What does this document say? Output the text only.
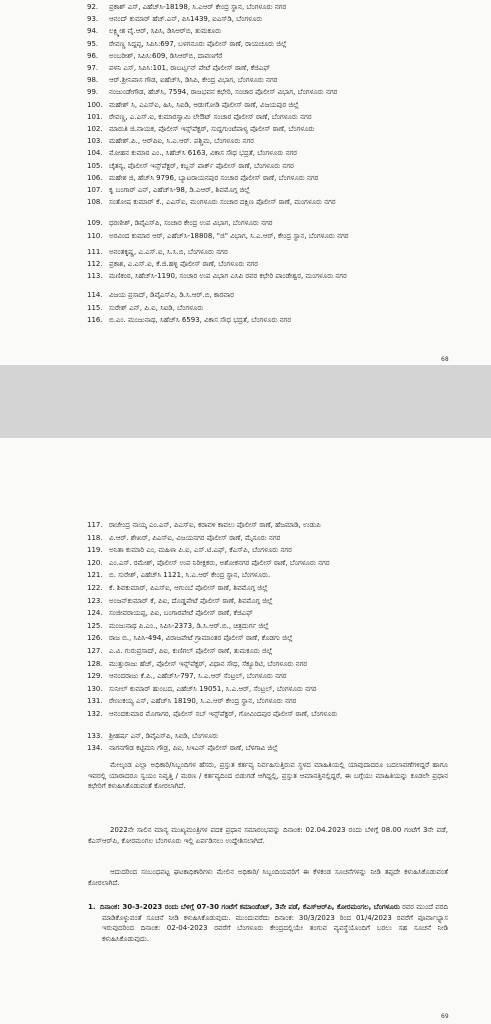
92.	ಪ್ರಕಾಶ್ ಎಸ್, ಎಹೆಚ್‌ಸಿ-18198, ಸಿ.ಎಆರ್ ಕೇಂದ್ರ ಸ್ಥಾನ, ಬೆಂಗಳೂರು ನಗರ
93.	ಆನಂದ್ ಕುಮಾರ್ ಹೆಚ್.ಎನ್, ಪಿಸಿ1439, ಐಎಸ್‌ಡಿ, ಬೆಂಗಳೂರು
94.	ಲಕ್ಷ್ಮೀಶ ವೈ.ಆರ್, ಸಿಪಿಸಿ, ಡಿಸಿಆರ್‌ಬಿ, ತುಮಕೂರು
95.	ರೇವಣ್ಣ ಸಿದ್ದಪ್ಪ, ಸಿಪಿಸಿ:697, ಬಳಗನೂರು ಪೊಲೀಸ್ ಠಾಣೆ, ರಾಯಚೂರು ಜಿಲ್ಲೆ
96.	ಅಂಬರೀಶ್, ಸಿಪಿಸಿ:609, ಡಿಸಿಆರ್‌ಬಿ, ದಾವಣಗೆರೆ
97.	ಪಳನಿ ಎಸ್, ಸಿಪಿಸಿ:101, ರಾಬರ್ಟ್ಸನ್ ಪೇಟೆ ಪೊಲೀಸ್ ಠಾಣೆ, ಕೆಜಿಎಫ್
98.	ಆರ್.ಶ್ರೀನಿವಾಸ ಗೌಡ, ಐಹೆಚ್‌ಸಿ, ಡಿಸಿಪಿ, ಕೇಂದ್ರ ವಿಭಾಗ, ಬೆಂಗಳೂರು ನಗರ
99.	ನಂಜುಂಡೇಗೌಡ, ಹೆಚ್‌ಸಿ, 7594, ರಾಜಭವನ ಕಛೇರಿ, ಸಂಚಾರ ಪೊಲೀಸ್ ವಿಭಾಗ, ಬೆಂಗಳೂರು ನಗರ
100. ಮಹೇಶ್ ಸಿ, ಎಎಸ್‌ಐ, ಹಿಸಿ, ಸಿಐಡಿ, ಆಡುಗೋಡಿ ಪೊಲೀಸ್ ಠಾಣೆ, ವಿಜಯಪುರ ಜಿಲ್ಲೆ
101. ರೇವಣ್ಣ, ಎ.ಎಸ್.ಐ, ಕುಮಾರಸ್ವಾಮಿ ಲೇಔಟ್ ಸಂಚಾರ ಪೊಲೀಸ್ ಠಾಣೆ, ಬೆಂಗಳೂರು ನಗರ
102. ಮಾರುತಿ ಜಿ.ನಾಯಕ, ಪೊಲೀಸ್ ಇನ್ಸ್‌ಪೆಕ್ಟರ್, ಸುದ್ದಗುಂಟೆಪಾಳ್ಯ ಪೊಲೀಸ್ ಠಾಣೆ, ಬೆಂಗಳೂರು
103. ಮಹೇಶ್.ಪಿ., ಆರ್‌ಪಿಐ, ಸಿ.ಎ.ಆರ್. ಪಶ್ಚಿಮ, ಬೆಂಗಳೂರು ನಗರ
104. ಮೋಹನ ಕುಮಾರ ಎಂ., ಸಿಹೆಚ್‌ಸಿ 6163, ವಿಕಾಸ ಸೌಧ ಭದ್ರತೆ, ಬೆಂಗಳೂರು ನಗರ
105. ಚೈತನ್ಯ, ಪೊಲೀಸ್ ಇನ್ಸ್‌ಪೆಕ್ಟರ್, ಕಬ್ಬನ್ ಪಾರ್ಕ್ ಪೊಲೀಸ್ ಠಾಣೆ, ಬೆಂಗಳೂರು ನಗರ
106. ಮಹೇಶ ಜಿ, ಹೆಚ್‌ಸಿ 9796, ಬ್ಯಾಟರಾಯನಪುರ ಸಂಚಾರ ಪೊಲೀಸ್ ಠಾಣೆ, ಬೆಂಗಳೂರು ನಗರ
107. ಕೃ ಬಂಗಾರ್ ಎನ್, ಎಹೆಚ್‌ಸಿ-98, ಡಿ.ಎಆರ್, ಶಿವಮೊಗ್ಗ ಜಿಲ್ಲೆ
108. ಸಂತೋಷ ಕುಮಾರ್ ಕೆ., ಎಎಸ್‌ಐ, ಮಂಗಳೂರು ಸಂಚಾರ ದಕ್ಷಿಣ ಪೊಲೀಸ್ ಠಾಣೆ, ಮಂಗಳೂರು ನಗರ
109. ಧರಣೀಶ್, ಡಿವೈಎಸ್‌ಪಿ, ಸಂಚಾರ ಕೇಂದ್ರ ಉಪ ವಿಭಾಗ, ಬೆಂಗಳೂರು ನಗರ
110. ಅರವಿಂದ ಕುಮಾರ ಆರ್, ಎಹೆಚ್‌ಸಿ-18808, "ಜಿ" ವಿಭಾಗ, ಸಿ.ಎ.ಆರ್, ಕೇಂದ್ರ ಸ್ಥಾನ, ಬೆಂಗಳೂರು ನಗರ
111. ಅನಂತಕೃಷ್ಣ, ಎ.ಎಸ್.ಐ, ಸಿ.ಸಿ.ಬಿ, ಬೆಂಗಳೂರು ನಗರ
112. ಪ್ರಕಾಶ, ಎ.ಎಸ್.ಐ, ಕೆ.ಜಿ.ಹಳ್ಳಿ ಪೊಲೀಸ್ ಠಾಣೆ, ಬೆಂಗಳೂರು ನಗರ
113. ಮಣಿಕಂಠ, ಸಿಹೆಚ್‌ಸಿ-1190, ಸಂಚಾರ ಉಪ ವಿಭಾಗ ಎಸಿಪಿ ರವರ ಕಛೇರಿ ಪಾಂಡೇಶ್ವರ, ಮಂಗಳೂರು ನಗರ
114. ವಿಜಯ ಪ್ರಸಾದ್, ಡಿವೈಎಸ್‌ಪಿ, ಡಿ.ಸಿ.ಆರ್.ಬಿ, ಕಾರವಾರ
115. ಸುರೇಶ್ ಎನ್, ಪಿ.ಐ, ಸಿಐಡಿ, ಬೆಂಗಳೂರು
116. ಬಿ.ಎಂ. ಮಂಜುನಾಥ, ಸಿಹೆಚ್‌ಸಿ 6593, ವಿಕಾಸ ಸೌಧ ಭದ್ರತೆ, ಬೆಂಗಳೂರು ನಗರ
68
117. ರಾಜೇಂದ್ರ ನಾಯ್ಕ ಎಂ.ಎನ್, ಪಿಎಸ್‌ಐ, ಕರಾವಳಿ ಕಾವಲು ಪೊಲೀಸ್ ಠಾಣೆ, ಹೆಜಮಾಡಿ, ಉಡುಪಿ
118. ವಿ.ಆರ್. ಶೇಖರ್, ಪಿಎಸ್‌ಐ, ವಿಜಯನಗರ ಪೊಲೀಸ್ ಠಾಣೆ, ಮೈಸೂರು ನಗರ
119. ಅನಿತಾ ಕುಮಾರಿ ಎಂ, ಮಹಿಳಾ ಪಿ.ಐ, ಎಸ್.ಟಿ.ಎಫ್, ಕೆಎಸ್‌ಪಿ, ಬೆಂಗಳೂರು ನಗರ
120. ಎಂ.ಎಸ್. ರಮೇಶ್, ಪೊಲೀಸ್ ಉಪ ನಿರೀಕ್ಷಕರು, ಅಶೋಕನಗರ ಪೊಲೀಸ್ ಠಾಣೆ, ಬೆಂಗಳೂರು ನಗರ
121. ಬಿ. ಸುರೇಶ್, ಎಹೆಚ್‌ಸಿ 1121, ಸಿ.ಎ.ಆರ್ ಕೇಂದ್ರ ಸ್ಥಾನ, ಬೆಂಗಳೂರು.
122. ಕೆ. ಶಿವಕುಮಾರ್, ಪಿಎಸ್‌ಐ, ಆಗುಂಬೆ ಪೊಲೀಸ್ ಠಾಣೆ, ಶಿವಮೊಗ್ಗ ಜಿಲ್ಲೆ
123. ಅಂಜನ್‌ಕುಮಾರ್ ಕೆ, ಪಿಐ, ದೊಡ್ಡಪೇಟೆ ಪೊಲೀಸ್ ಠಾಣೆ, ಶಿವಮೊಗ್ಗ ಜಿಲ್ಲೆ
124. ಸಂಜೀವರಾಯಪ್ಪ, ಪಿಐ, ಬಂಗಾರಪೇಟೆ ಪೊಲೀಸ್ ಠಾಣೆ, ಕೆಜಿಎಫ್
125. ಮಂಜುನಾಥ ಪಿ.ಎಂ., ಸಿಪಿಸಿ-2373, ಡಿ.ಸಿ.ಆರ್.ಬಿ., ಚಿತ್ರದುರ್ಗ ಜಿಲ್ಲೆ
126. ರಾಜ ಬಿ., ಸಿಪಿಸಿ-494, ವಿರಾಜಪೇಟೆ ಗ್ರಾಮಾಂತರ ಪೊಲೀಸ್ ಠಾಣೆ, ಕೊಡಗು ಜಿಲ್ಲೆ
127. ಎ.ವಿ. ಗುರುಪ್ರಸಾದ್, ಪಿಐ, ಕುಣಿಗಲ್ ಪೊಲೀಸ್ ಠಾಣೆ, ತುಮಕೂರು ಜಿಲ್ಲೆ
128. ಮುತ್ತುರಾಜು ಹೆಚ್, ಪೊಲೀಸ್ ಇನ್ಸ್‌ಪೆಕ್ಟರ್, ವಿಧಾನ ಸೌಧ, ಸೆಕ್ಯೂರಿಟಿ, ಬೆಂಗಳೂರು ನಗರ
129. ಆನಂದರಾಜು ಕೆ.ಪಿ., ಎಹೆಚ್‌ಸಿ-797, ಸಿ.ಎ.ಆರ್ ಸೆಂಟ್ರಲ್, ಬೆಂಗಳೂರು ನಗರ
130. ಸುನೀಲ್ ಕುಮಾರ್ ಹುಂಬದ, ಎಹೆಚ್‌ಸಿ 19051, ಸಿ.ಎ.ಆರ್, ಸೆಂಟ್ರಲ್, ಬೆಂಗಳೂರು ನಗರ
131. ರೇಣುಕಯ್ಯ ಎಸ್, ಎಹೆಚ್‌ಸಿ 18190, ಸಿ.ಎ.ಆರ್ ಕೇಂದ್ರ ಸ್ಥಾನ, ಬೆಂಗಳೂರು ನಗರ
132. ಆನಂದಕುಮಾರ ಮೊಗಾಗರ, ಪೊಲೀಸ್ ಸಬ್ ಇನ್ಸ್‌ಪೆಕ್ಟರ್, ಗೋವಿಂದಪುರ ಪೊಲೀಸ್ ಠಾಣೆ, ಬೆಂಗಳೂರು
133. ಶ್ರೀಹರ್ಷ ಎನ್, ಡಿವೈಎಸ್‌ಪಿ, ಸಿಐಡಿ, ಬೆಂಗಳೂರು
134. ನಾಗನಗೌಡ ಕಟ್ಟಿಮನಿ ಗೌಡ್ರ, ಪಿಐ, ಸಿಇಎನ್ ಪೊಲೀಸ್ ಠಾಣೆ, ಬೆಳಗಾವಿ ಜಿಲ್ಲೆ
ಮೇಲ್ಕಂಡ ಎಲ್ಲಾ ಅಧಿಕಾರಿ/ಸಿಬ್ಬಂದಿಗಳ ಹೆಸರು, ಪ್ರಸ್ತುತ ಕರ್ತವ್ಯ ನಿರ್ವಹಿಸುತ್ತಿರುವ ಸ್ಥಳದ ಮಾಹಿತಿಯಲ್ಲಿ ಯಾವುದಾದರೂ ಬದಲಾವಣೆಗಳಿದ್ದರೆ ಹಾಗೂ ಇವರಲ್ಲಿ ಯಾರಾದರೂ ಸ್ವಯಂ ನಿವೃತ್ತಿ / ಮರಣ / ಕರ್ತವ್ಯದಿಂದ ಬಿಡುಗಡೆ ಆಗಿದ್ದಲ್ಲಿ, ಪ್ರಸ್ತುತ ಆಮಾನತ್ತಿನಲ್ಲಿದ್ದರೆ, ಈ ಬಗ್ಗೆಯು ಮಾಹಿತಿಯನ್ನು ಕೂಡಲೇ ಪ್ರಧಾನ ಕಛೇರಿಗೆ ಕಳುಹಿಸಿಕೊಡುವಂತೆ ಕೋರಲಾಗಿದೆ.
2022ನೇ ಸಾಲಿನ ಮಾನ್ಯ ಮುಖ್ಯಮಂತ್ರಿಗಳ ಪದಕ ಪ್ರಧಾನ ಸಮಾರಂಭವನ್ನು ದಿನಾಂಕ: 02.04.2023 ರಂದು ಬೆಳಿಗ್ಗೆ 08.00 ಗಂಟೆಗೆ 3ನೇ ಪಡೆ, ಕೆಎಸ್‌ಆರ್‌ಪಿ, ಕೋರಮಂಗಲ ಬೆಂಗಳೂರು ಇಲ್ಲಿ ಏರ್ಪಡಿಸಲು ಉದ್ದೇಶಿಸಲಾಗಿದೆ.
ಆದುದರಿಂದ ಸಂಬಂಧಪಟ್ಟ ಘಟಕಾಧಿಕಾರಿಗಳು ಮೇಲಿನ ಅಧಿಕಾರಿ/ ಸಿಬ್ಬಂದಿಯವರಿಗೆ ಈ ಕೆಳಕಂಡ ಸೂಚನೆಗಳನ್ನು ನೀಡಿ ತಪ್ಪದೇ ಕಳುಹಿಸಿಕೊಡುವಂತೆ ಕೋರಲಾಗಿದೆ.
1. ದಿನಾಂಕ: 30-3-2023 ರಂದು ಬೆಳಿಗ್ಗೆ 07-30 ಗಂಟೆಗೆ ಕಮಾಂಡೆಂಟ್, 3ನೇ ಪಡೆ, ಕೆಎಸ್‌ಆರ್‌ಪಿ, ಕೋರಮಂಗಲ, ಬೆಂಗಳೂರು ರವರ ಮುಂದೆ ವರದಿ ಮಾಡಿಕೊಳ್ಳುವಂತೆ ಸೂಚನೆ ನೀಡಿ ಕಳುಹಿಸಿಕೊಡುವುದು. ಮುಂದುವರೆದು ದಿನಾಂಕ: 30/3/2023 ರಿಂದ 01/4/2023 ರವರೆಗೆ ಪೂರ್ವಾಭ್ಯಾಸ ಇರುವುದರಿಂದ ದಿನಾಂಕ: 02-04-2023 ರವರೆಗೆ ಬೆಂಗಳೂರು ಕೇಂದ್ರದಲ್ಲಿಯೇ ತಂಗುವ ವ್ಯವಸ್ಥೆಯೊಂದಿಗೆ ಬರಲು ಸಹ ಸೂಚನೆ ನೀಡಿ ಕಳುಹಿಸಿಕೊಡುವುದು.
69
